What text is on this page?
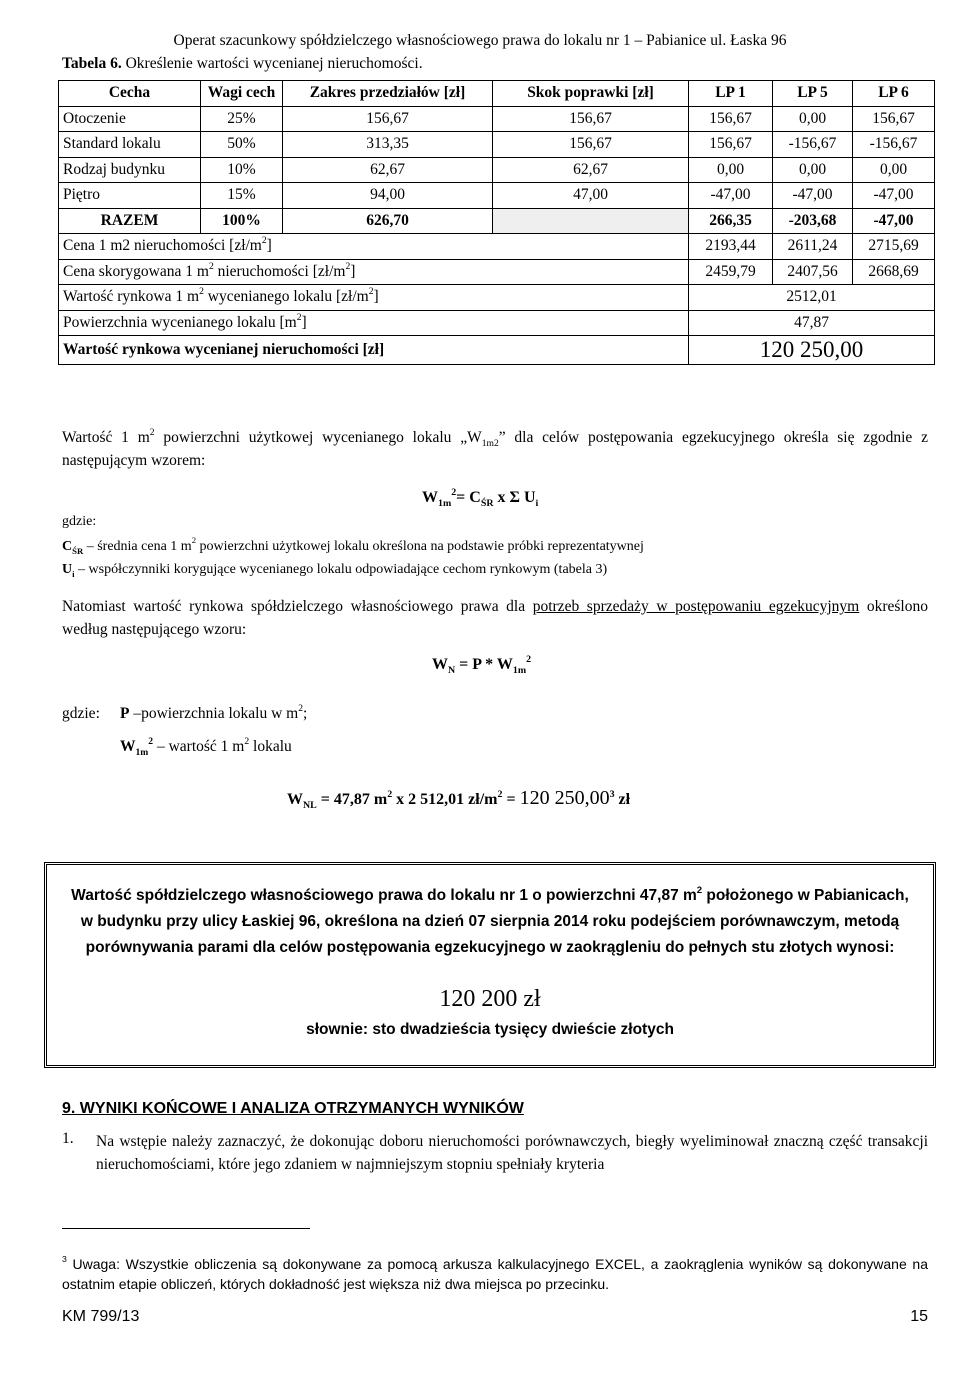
Operat szacunkowy spółdzielczego własnościowego prawa do lokalu nr 1 – Pabianice ul. Łaska 96
Tabela 6. Określenie wartości wycenianej nieruchomości.
Cecha	Wagi cech	Zakres przedziałów [zł]	Skok poprawki [zł]	LP 1	LP 5	LP 6
Otoczenie	25%	156,67	156,67	156,67	0,00	156,67
Standard lokalu	50%	313,35	156,67	156,67	-156,67	-156,67
Rodzaj budynku	10%	62,67	62,67	0,00	0,00	0,00
Piętro	15%	94,00	47,00	-47,00	-47,00	-47,00
RAZEM	100%	626,70		266,35	-203,68	-47,00
Cena 1 m2 nieruchomości $[zł/m^2]$				2193,44	2611,24	2715,69
Cena skorygowana 1 $m^2$ nieruchomości $[zł/m^2]$				2459,79	2407,56	2668,69
Wartość rynkowa 1 $m^2$ wycenianego lokalu $[zł/m^2]$				2512,01		
Powierzchnia wycenianego lokalu $[m^2]$				47,87		
Wartość rynkowa wycenianej nieruchomości [zł]				120 250,00		
Wartość 1 $m^2$ powierzchni użytkowej wycenianego lokalu $„W_{1m2}$” dla celów postępowania egzekucyjnego określa się zgodnie z następującym wzorem:
$W_{1m}^2= C_{ŚR}$ x Σ $U_i$
gdzie:
$C_{ŚR}$ – średnia cena 1 $m^2$ powierzchni użytkowej lokalu określona na podstawie próbki reprezentatywnej
$U_i$ – współczynniki korygujące wycenianego lokalu odpowiadające cechom rynkowym (tabela 3)
Natomiast wartość rynkowa spółdzielczego własnościowego prawa dla potrzeb sprzedaży w postępowaniu egzekucyjnym określono według następującego wzoru:
$W_N = P * W_{1m}^2$
gdzie: P –powierzchnia lokalu w $m^2$;
$W_{1m}^2$ – wartość 1 $m^2$ lokalu
$W_{NL} = 47,87$ $m^2$ x 2 512,01 $zł/m^2 = 120$ 250,00$^3$ zł
Wartość spółdzielczego własnościowego prawa do lokalu nr 1 o powierzchni 47,87 $m^2$ położonego w Pabianicach, w budynku przy ulicy Łaskiej 96, określona na dzień 07 sierpnia 2014 roku podejściem porównawczym, metodą porównywania parami dla celów postępowania egzekucyjnego w zaokrągleniu do pełnych stu złotych wynosi:
120 200 zł
słownie: sto dwadzieścia tysięcy dwieście złotych
9. WYNIKI KOŃCOWE I ANALIZA OTRZYMANYCH WYNIKÓW
1. Na wstępie należy zaznaczyć, że dokonując doboru nieruchomości porównawczych, biegły wyeliminował znaczną część transakcji nieruchomościami, które jego zdaniem w najmniejszym stopniu spełniały kryteria
$^3$ Uwaga: Wszystkie obliczenia są dokonywane za pomocą arkusza kalkulacyjnego EXCEL, a zaokrąglenia wyników są dokonywane na ostatnim etapie obliczeń, których dokładność jest większa niż dwa miejsca po przecinku.
KM 799/13	15
